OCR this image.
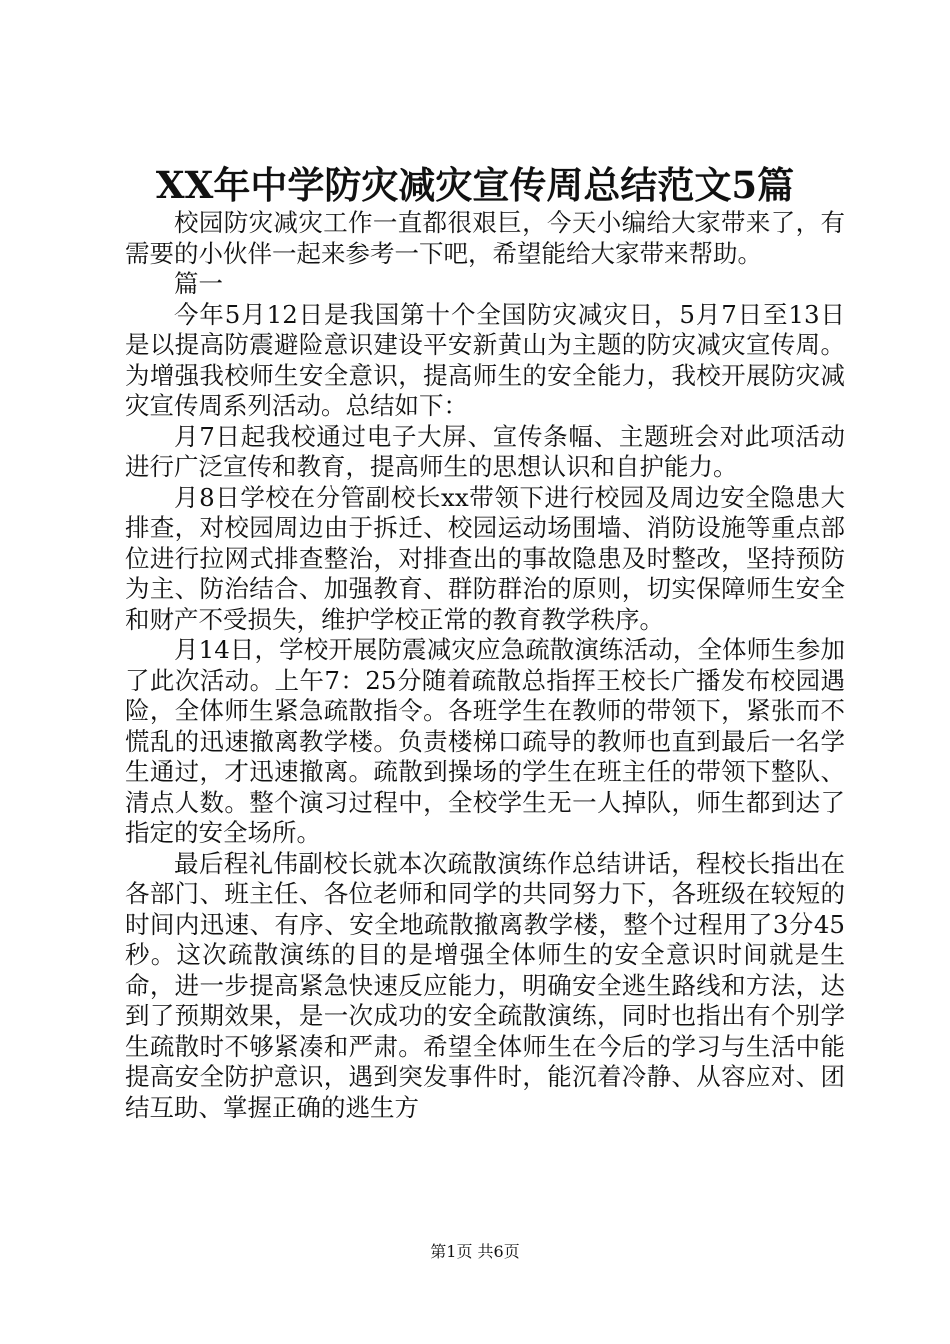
XX年中学防灾减灾宣传周总结范文5篇

校园防灾减灾工作一直都很艰巨，今天小编给大家带来了，有需要的小伙伴一起来参考一下吧，希望能给大家带来帮助。

篇一

今年5月12日是我国第十个全国防灾减灾日，5月7日至13日是以提高防震避险意识建设平安新黄山为主题的防灾减灾宣传周。为增强我校师生安全意识，提高师生的安全能力，我校开展防灾减灾宣传周系列活动。总结如下：

月7日起我校通过电子大屏、宣传条幅、主题班会对此项活动进行广泛宣传和教育，提高师生的思想认识和自护能力。

月8日学校在分管副校长xx带领下进行校园及周边安全隐患大排查，对校园周边由于拆迁、校园运动场围墙、消防设施等重点部位进行拉网式排查整治，对排查出的事故隐患及时整改，坚持预防为主、防治结合、加强教育、群防群治的原则，切实保障师生安全和财产不受损失，维护学校正常的教育教学秩序。

月14日，学校开展防震减灾应急疏散演练活动，全体师生参加了此次活动。上午7：25分随着疏散总指挥王校长广播发布校园遇险，全体师生紧急疏散指令。各班学生在教师的带领下，紧张而不慌乱的迅速撤离教学楼。负责楼梯口疏导的教师也直到最后一名学生通过，才迅速撤离。疏散到操场的学生在班主任的带领下整队、清点人数。整个演习过程中，全校学生无一人掉队，师生都到达了指定的安全场所。

最后程礼伟副校长就本次疏散演练作总结讲话，程校长指出在各部门、班主任、各位老师和同学的共同努力下，各班级在较短的时间内迅速、有序、安全地疏散撤离教学楼，整个过程用了3分45秒。这次疏散演练的目的是增强全体师生的安全意识时间就是生命，进一步提高紧急快速反应能力，明确安全逃生路线和方法，达到了预期效果，是一次成功的安全疏散演练，同时也指出有个别学生疏散时不够紧凑和严肃。希望全体师生在今后的学习与生活中能提高安全防护意识，遇到突发事件时，能沉着冷静、从容应对、团结互助、掌握正确的逃生方

第1页 共6页
